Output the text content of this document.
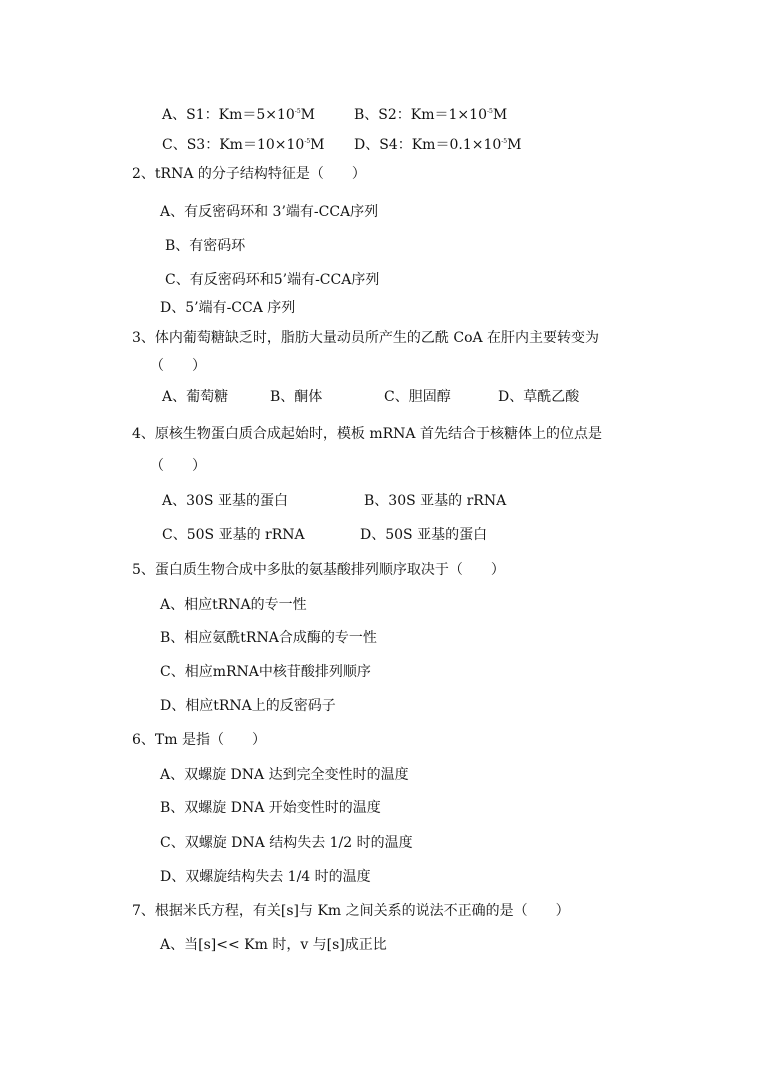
A、S1：$Km=5\times 10^{-5}M$	B、S2：$Km=1\times 10^{-5}M$
C、S3：$Km=10\times 10^{-5}M$ D、S4：$Km=0.1\times 10^{-5}M$
2、tRNA 的分子结构特征是（　　）
A、有反密码环和 3’端有-CCA序列
B、有密码环
C、有反密码环和5’端有-CCA序列
D、5’端有-CCA 序列
3、体内葡萄糖缺乏时，脂肪大量动员所产生的乙酰 CoA 在肝内主要转变为
（　　）
A、葡萄糖	B、酮体	C、胆固醇	D、草酰乙酸
4、原核生物蛋白质合成起始时，模板 mRNA 首先结合于核糖体上的位点是
（　　）
A、30S 亚基的蛋白	B、30S 亚基的 rRNA
C、50S 亚基的 rRNA	D、50S 亚基的蛋白
5、蛋白质生物合成中多肽的氨基酸排列顺序取决于（　　）
A、相应tRNA的专一性
B、相应氨酰tRNA合成酶的专一性
C、相应mRNA中核苷酸排列顺序
D、相应tRNA上的反密码子
6、Tm 是指（　　）
A、双螺旋 DNA 达到完全变性时的温度
B、双螺旋 DNA 开始变性时的温度
C、双螺旋 DNA 结构失去 1/2 时的温度
D、双螺旋结构失去 1/4 时的温度
7、根据米氏方程，有关[s]与 Km 之间关系的说法不正确的是（　　）
A、当[s]<< Km 时，v 与[s]成正比
